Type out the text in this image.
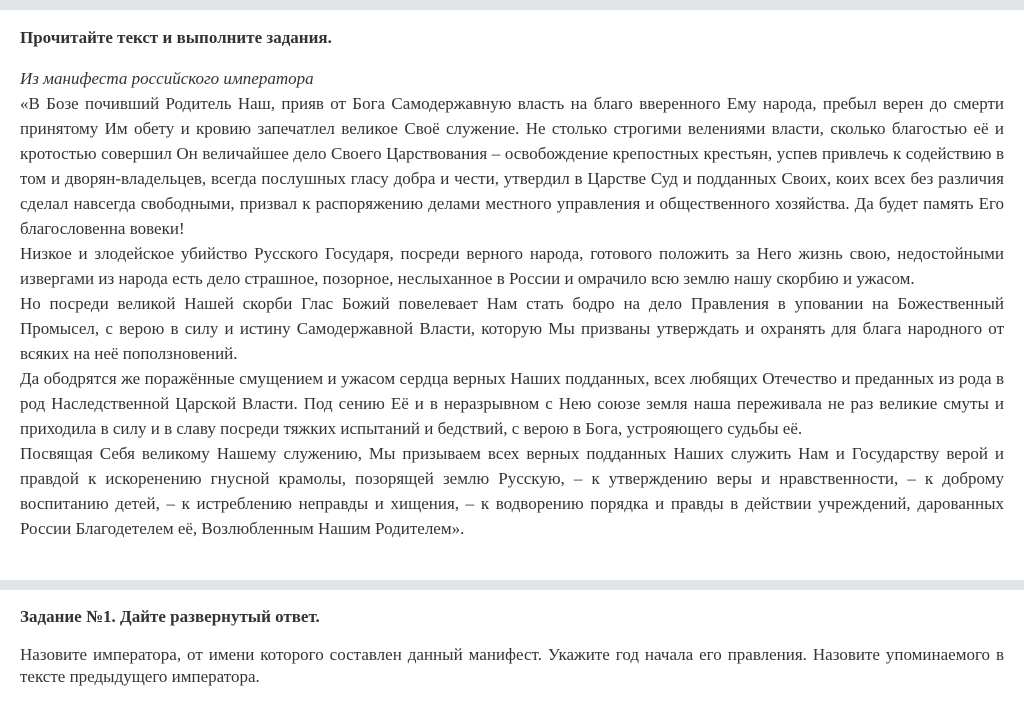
Прочитайте текст и выполните задания.
Из манифеста российского императора

«В Бозе почивший Родитель Наш, прияв от Бога Самодержавную власть на благо вверенного Ему народа, пребыл верен до смерти принятому Им обету и кровию запечатлел великое Своё служение. Не столько строгими велениями власти, сколько благостью её и кротостью совершил Он величайшее дело Своего Царствования – освобождение крепостных крестьян, успев привлечь к содействию в том и дворян-владельцев, всегда послушных гласу добра и чести, утвердил в Царстве Суд и подданных Своих, коих всех без различия сделал навсегда свободными, призвал к распоряжению делами местного управления и общественного хозяйства. Да будет память Его благословенна вовеки!

Низкое и злодейское убийство Русского Государя, посреди верного народа, готового положить за Него жизнь свою, недостойными извергами из народа есть дело страшное, позорное, неслыханное в России и омрачило всю землю нашу скорбию и ужасом.

Но посреди великой Нашей скорби Глас Божий повелевает Нам стать бодро на дело Правления в уповании на Божественный Промысел, с верою в силу и истину Самодержавной Власти, которую Мы призваны утверждать и охранять для блага народного от всяких на неё поползновений.

Да ободрятся же поражённые смущением и ужасом сердца верных Наших подданных, всех любящих Отечество и преданных из рода в род Наследственной Царской Власти. Под сению Её и в неразрывном с Нею союзе земля наша переживала не раз великие смуты и приходила в силу и в славу посреди тяжких испытаний и бедствий, с верою в Бога, устрояющего судьбы её.

Посвящая Себя великому Нашему служению, Мы призываем всех верных подданных Наших служить Нам и Государству верой и правдой к искоренению гнусной крамолы, позорящей землю Русскую, – к утверждению веры и нравственности, – к доброму воспитанию детей, – к истреблению неправды и хищения, – к водворению порядка и правды в действии учреждений, дарованных России Благодетелем её, Возлюбленным Нашим Родителем».

Задание №1. Дайте развернутый ответ.
Назовите императора, от имени которого составлен данный манифест. Укажите год начала его правления. Назовите упоминаемого в тексте предыдущего императора.
